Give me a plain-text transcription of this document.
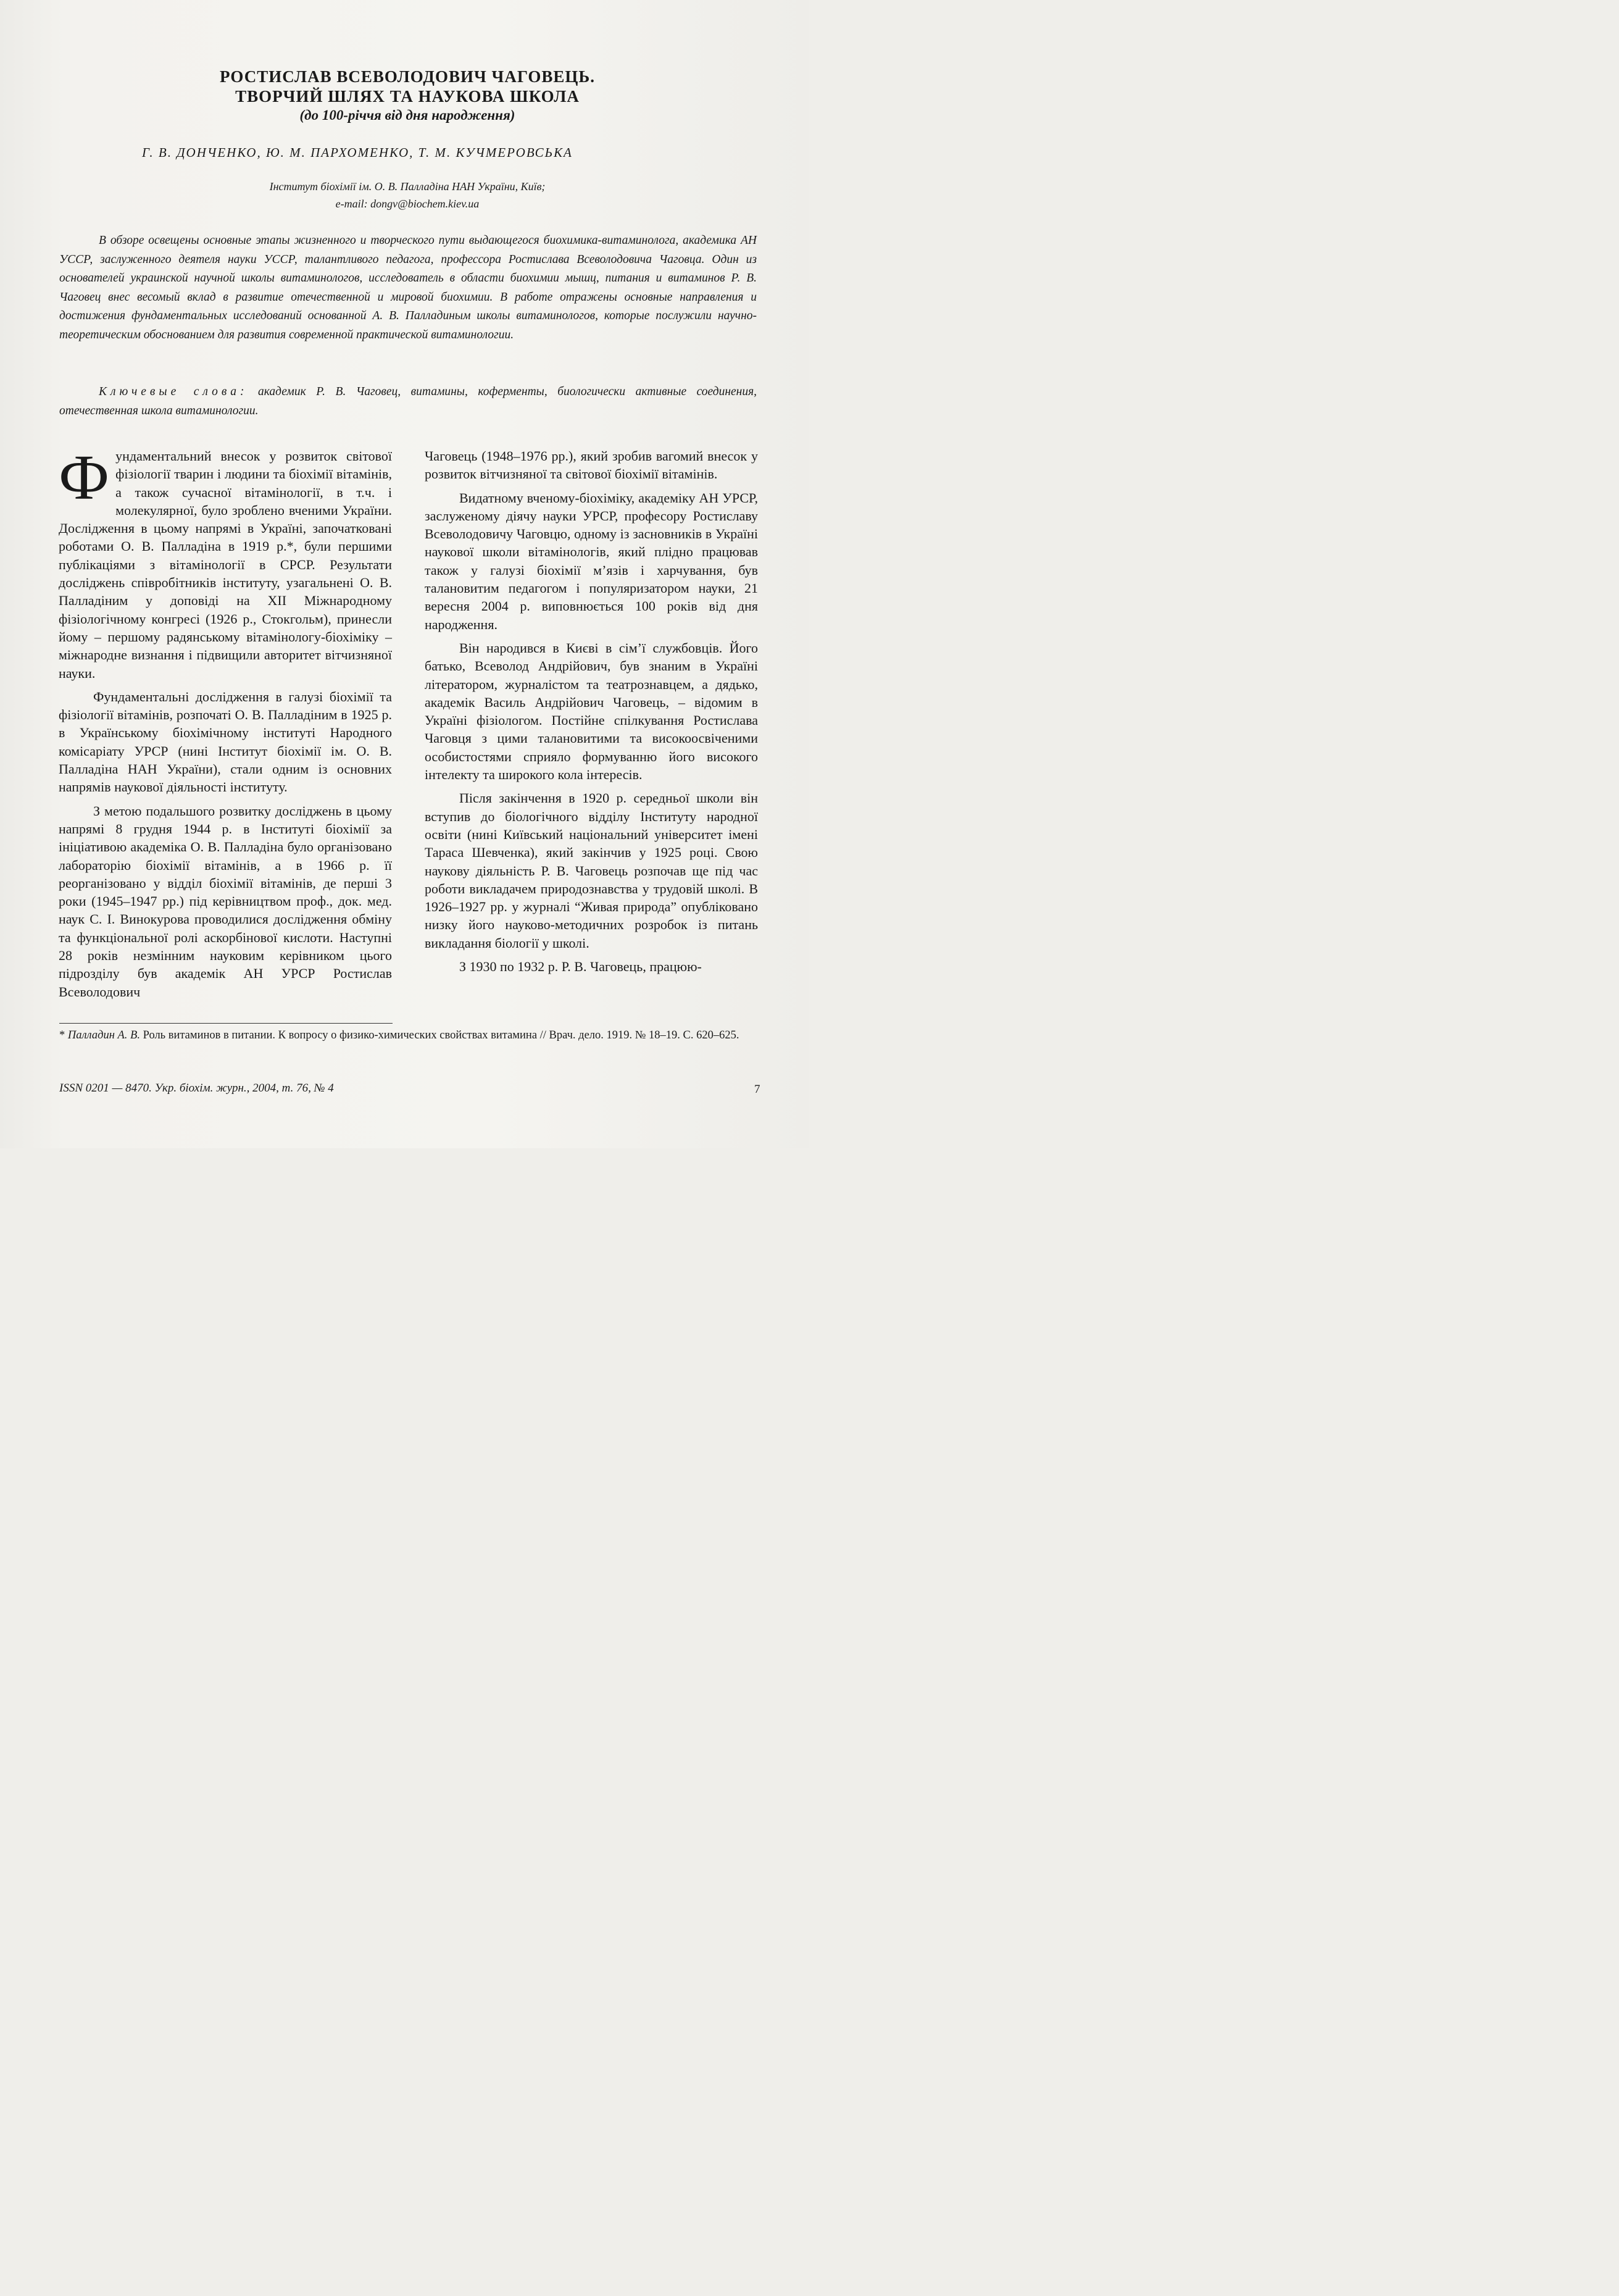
РОСТИСЛАВ ВСЕВОЛОДОВИЧ ЧАГОВЕЦЬ.

ТВОРЧИЙ ШЛЯХ ТА НАУКОВА ШКОЛА

(до 100-річчя від дня народження)

Г. В. ДОНЧЕНКО, Ю. М. ПАРХОМЕНКО, Т. М. КУЧМЕРОВСЬКА
Інститут біохімії ім. О. В. Палладіна НАН України, Київ;
e-mail: dongv@biochem.kiev.ua

В обзоре освещены основные этапы жизненного и творческого пути выдающегося биохимика-витаминолога, академика АН УССР, заслуженного деятеля науки УССР, талантливого педагога, профессора Ростислава Всеволодовича Чаговца. Один из основателей украинской научной школы витаминологов, исследователь в области биохимии мышц, питания и витаминов Р. В. Чаговец внес весомый вклад в развитие отечественной и мировой биохимии. В работе отражены основные направления и достижения фундаментальных исследований основанной А. В. Палладиным школы витаминологов, которые послужили научно-теоретическим обоснованием для развития современной практической витаминологии.

Ключевые слова: академик Р. В. Чаговец, витамины, коферменты, биологически активные соединения, отечественная школа витаминологии.

Фундаментальний внесок у розвиток світової фізіології тварин і людини та біохімії вітамінів, а також сучасної вітамінології, в т.ч. і молекулярної, було зроблено вченими України. Дослідження в цьому напрямі в Україні, започатковані роботами О. В. Палладіна в 1919 р.*, були першими публікаціями з вітамінології в СРСР. Результати досліджень співробітників інституту, узагальнені О. В. Палладіним у доповіді на XII Міжнародному фізіологічному конгресі (1926 р., Стокгольм), принесли йому – першому радянському вітамінологу-біохіміку – міжнародне визнання і підвищили авторитет вітчизняної науки.

Фундаментальні дослідження в галузі біохімії та фізіології вітамінів, розпочаті О. В. Палладіним в 1925 р. в Українському біохімічному інституті Народного комісаріату УРСР (нині Інститут біохімії ім. О. В. Палладіна НАН України), стали одним із основних напрямів наукової діяльності інституту.

З метою подальшого розвитку досліджень в цьому напрямі 8 грудня 1944 р. в Інституті біохімії за ініціативою академіка О. В. Палладіна було організовано лабораторію біохімії вітамінів, а в 1966 р. її реорганізовано у відділ біохімії вітамінів, де перші 3 роки (1945–1947 рр.) під керівництвом проф., док. мед. наук С. І. Винокурова проводилися дослідження обміну та функціональної ролі аскорбінової кислоти. Наступні 28 років незмінним науковим керівником цього підрозділу був академік АН УРСР Ростислав Всеволодович

Чаговець (1948–1976 рр.), який зробив вагомий внесок у розвиток вітчизняної та світової біохімії вітамінів.

Видатному вченому-біохіміку, академіку АН УРСР, заслуженому діячу науки УРСР, професору Ростиславу Всеволодовичу Чаговцю, одному із засновників в Україні наукової школи вітамінологів, який плідно працював також у галузі біохімії м’язів і харчування, був талановитим педагогом і популяризатором науки, 21 вересня 2004 р. виповнюється 100 років від дня народження.

Він народився в Києві в сім’ї службовців. Його батько, Всеволод Андрійович, був знаним в Україні літератором, журналістом та театрознавцем, а дядько, академік Василь Андрійович Чаговець, – відомим в Україні фізіологом. Постійне спілкування Ростислава Чаговця з цими талановитими та високоосвіченими особистостями сприяло формуванню його високого інтелекту та широкого кола інтересів.

Після закінчення в 1920 р. середньої школи він вступив до біологічного відділу Інституту народної освіти (нині Київський національний університет імені Тараса Шевченка), який закінчив у 1925 році. Свою наукову діяльність Р. В. Чаговець розпочав ще під час роботи викладачем природознавства у трудовій школі. В 1926–1927 рр. у журналі “Живая природа” опубліковано низку його науково-методичних розробок із питань викладання біології у школі.

З 1930 по 1932 р. Р. В. Чаговець, працюю-

* Палладин А. В. Роль витаминов в питании. К вопросу о физико-химических свойствах витамина // Врач. дело. 1919. № 18–19. С. 620–625.

ISSN 0201 — 8470. Укр. біохім. журн., 2004, т. 76, № 4	7
